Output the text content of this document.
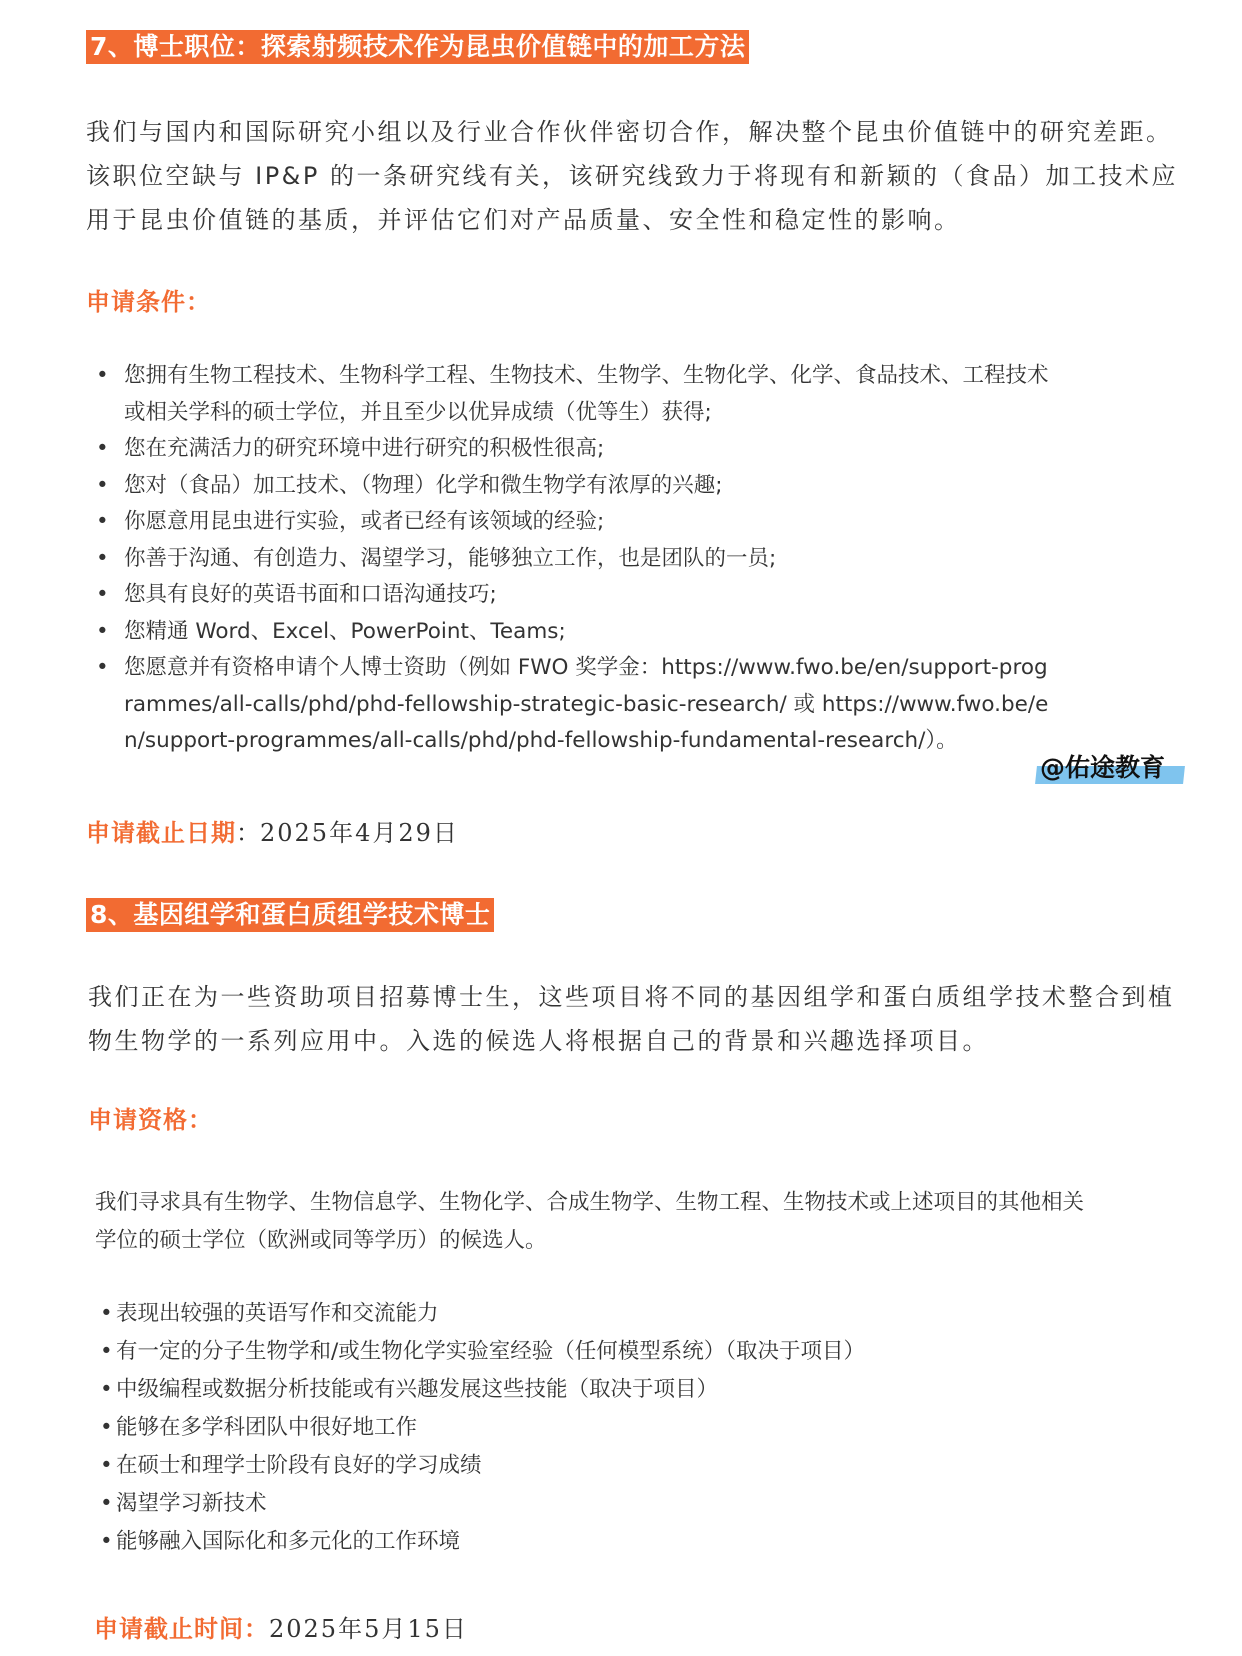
7、博士职位：探索射频技术作为昆虫价值链中的加工方法

我们与国内和国际研究小组以及行业合作伙伴密切合作，解决整个昆虫价值链中的研究差距。该职位空缺与 IP&P 的一条研究线有关，该研究线致力于将现有和新颖的（食品）加工技术应用于昆虫价值链的基质，并评估它们对产品质量、安全性和稳定性的影响。

申请条件：
• 您拥有生物工程技术、生物科学工程、生物技术、生物学、生物化学、化学、食品技术、工程技术或相关学科的硕士学位，并且至少以优异成绩（优等生）获得;
• 您在充满活力的研究环境中进行研究的积极性很高;
• 您对（食品）加工技术、（物理）化学和微生物学有浓厚的兴趣;
• 你愿意用昆虫进行实验，或者已经有该领域的经验;
• 你善于沟通、有创造力、渴望学习，能够独立工作，也是团队的一员;
• 您具有良好的英语书面和口语沟通技巧;
• 您精通 Word、Excel、PowerPoint、Teams;
• 您愿意并有资格申请个人博士资助（例如 FWO 奖学金：https://www.fwo.be/en/support-programmes/all-calls/phd/phd-fellowship-strategic-basic-research/ 或 https://www.fwo.be/en/support-programmes/all-calls/phd/phd-fellowship-fundamental-research/）。
@佑途教育
申请截止日期：2025年4月29日
8、基因组学和蛋白质组学技术博士

我们正在为一些资助项目招募博士生，这些项目将不同的基因组学和蛋白质组学技术整合到植物生物学的一系列应用中。入选的候选人将根据自己的背景和兴趣选择项目。

申请资格：

我们寻求具有生物学、生物信息学、生物化学、合成生物学、生物工程、生物技术或上述项目的其他相关学位的硕士学位（欧洲或同等学历）的候选人。

• 表现出较强的英语写作和交流能力
• 有一定的分子生物学和/或生物化学实验室经验（任何模型系统）（取决于项目）
• 中级编程或数据分析技能或有兴趣发展这些技能（取决于项目）
• 能够在多学科团队中很好地工作
• 在硕士和理学士阶段有良好的学习成绩
• 渴望学习新技术
• 能够融入国际化和多元化的工作环境
申请截止时间：2025年5月15日
